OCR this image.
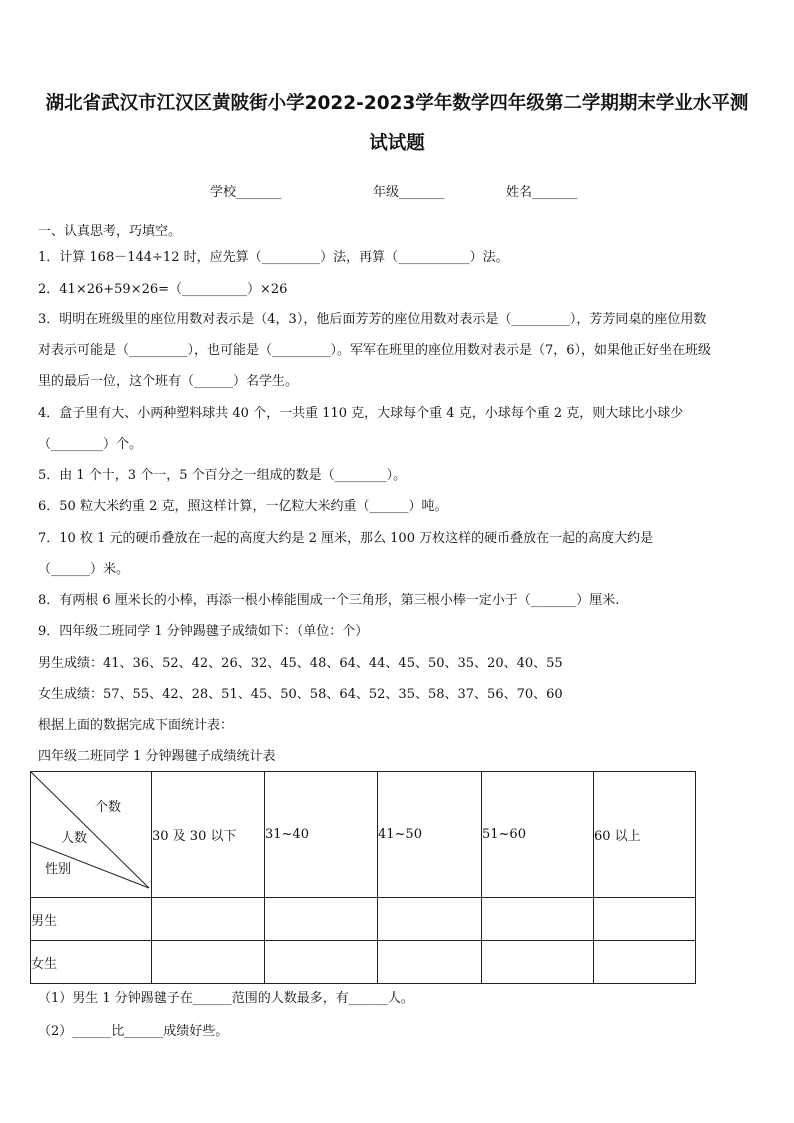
湖北省武汉市江汉区黄陂街小学2022-2023学年数学四年级第二学期期末学业水平测
试试题
学校_______	年级_______	姓名_______
一、认真思考，巧填空。
1．计算 168－144÷12 时，应先算（_________）法，再算（___________）法。
2．41×26+59×26=（__________）×26
3．明明在班级里的座位用数对表示是（4，3），他后面芳芳的座位用数对表示是（_________），芳芳同桌的座位用数
对表示可能是（_________），也可能是（_________）。军军在班里的座位用数对表示是（7，6），如果他正好坐在班级
里的最后一位，这个班有（______）名学生。
4．盒子里有大、小两种塑料球共 40 个，一共重 110 克，大球每个重 4 克，小球每个重 2 克，则大球比小球少
（________）个。
5．由 1 个十，3 个一，5 个百分之一组成的数是（________）。
6．50 粒大米约重 2 克，照这样计算，一亿粒大米约重（______）吨。
7．10 枚 1 元的硬币叠放在一起的高度大约是 2 厘米，那么 100 万枚这样的硬币叠放在一起的高度大约是
（______）米。
8．有两根 6 厘米长的小棒，再添一根小棒能围成一个三角形，第三根小棒一定小于（_______）厘米.
9．四年级二班同学 1 分钟踢毽子成绩如下：（单位：个）
男生成绩：41、36、52、42、26、32、45、48、64、44、45、50、35、20、40、55
女生成绩：57、55、42、28、51、45、50、58、64、52、35、58、37、56、70、60
根据上面的数据完成下面统计表：
四年级二班同学 1 分钟踢毽子成绩统计表
个数
人数
性别	30 及 30 以下	31~40	41~50	51~60	60 以上
男生					
女生					
（1）男生 1 分钟踢毽子在______范围的人数最多，有______人。
（2）______比______成绩好些。
